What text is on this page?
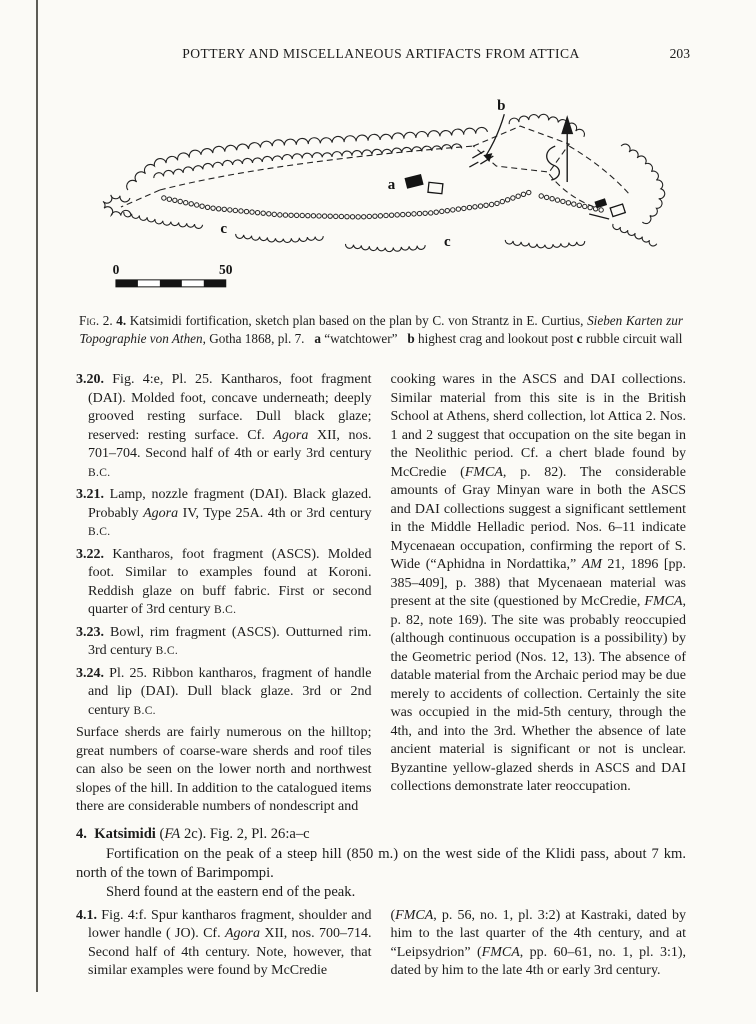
POTTERY AND MISCELLANEOUS ARTIFACTS FROM ATTICA	203
a
b
c
c
0	50
Fig. 2. 4. Katsimidi fortification, sketch plan based on the plan by C. von Strantz in E. Curtius, Sieben Karten zur Topographie von Athen, Gotha 1868, pl. 7.  a “watchtower”  b highest crag and lookout post c rubble circuit wall

3.20. Fig. 4:e, Pl. 25. Kantharos, foot fragment (DAI). Molded foot, concave underneath; deeply grooved resting surface. Dull black glaze; reserved: resting surface. Cf. Agora XII, nos. 701–704. Second half of 4th or early 3rd century B.C.

3.21. Lamp, nozzle fragment (DAI). Black glazed. Probably Agora IV, Type 25A. 4th or 3rd century B.C.

3.22. Kantharos, foot fragment (ASCS). Molded foot. Similar to examples found at Koroni. Reddish glaze on buff fabric. First or second quarter of 3rd century B.C.

3.23. Bowl, rim fragment (ASCS). Outturned rim. 3rd century B.C.

3.24. Pl. 25. Ribbon kantharos, fragment of handle and lip (DAI). Dull black glaze. 3rd or 2nd century B.C.

Surface sherds are fairly numerous on the hilltop; great numbers of coarse-ware sherds and roof tiles can also be seen on the lower north and northwest slopes of the hill. In addition to the catalogued items there are considerable numbers of nondescript and

cooking wares in the ASCS and DAI collections. Similar material from this site is in the British School at Athens, sherd collection, lot Attica 2. Nos. 1 and 2 suggest that occupation on the site began in the Neolithic period. Cf. a chert blade found by McCredie (FMCA, p. 82). The considerable amounts of Gray Minyan ware in both the ASCS and DAI collections suggest a significant settlement in the Middle Helladic period. Nos. 6–11 indicate Mycenaean occupation, confirming the report of S. Wide (“Aphidna in Nordattika,” AM 21, 1896 [pp. 385–409], p. 388) that Mycenaean material was present at the site (questioned by McCredie, FMCA, p. 82, note 169). The site was probably reoccupied (although continuous occupation is a possibility) by the Geometric period (Nos. 12, 13). The absence of datable material from the Archaic period may be due merely to accidents of collection. Certainly the site was occupied in the mid-5th century, through the 4th, and into the 3rd. Whether the absence of late ancient material is significant or not is unclear. Byzantine yellow-glazed sherds in ASCS and DAI collections demonstrate later reoccupation.

4. Katsimidi (FA 2c). Fig. 2, Pl. 26:a–c

Fortification on the peak of a steep hill (850 m.) on the west side of the Klidi pass, about 7 km. north of the town of Barimpompi.

Sherd found at the eastern end of the peak.

4.1. Fig. 4:f. Spur kantharos fragment, shoulder and lower handle ( JO). Cf. Agora XII, nos. 700–714. Second half of 4th century. Note, however, that similar examples were found by McCredie

(FMCA, p. 56, no. 1, pl. 3:2) at Kastraki, dated by him to the last quarter of the 4th century, and at “Leipsydrion” (FMCA, pp. 60–61, no. 1, pl. 3:1), dated by him to the late 4th or early 3rd century.
